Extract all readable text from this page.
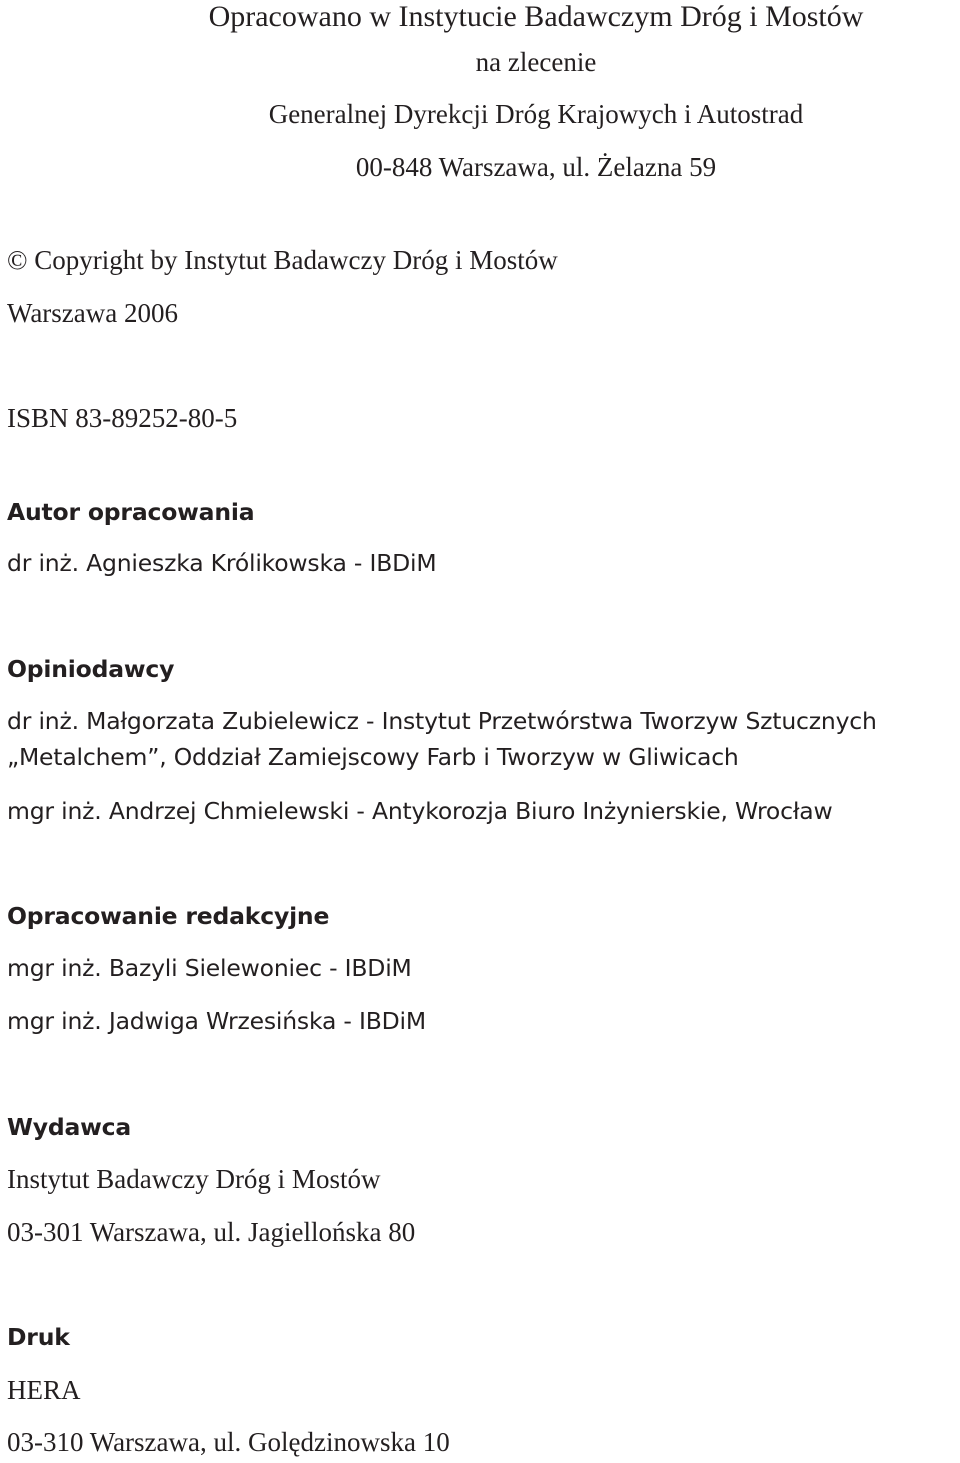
Opracowano w Instytucie Badawczym Dróg i Mostów

na zlecenie

Generalnej Dyrekcji Dróg Krajowych i Autostrad

00-848 Warszawa, ul. Żelazna 59

© Copyright by Instytut Badawczy Dróg i Mostów

Warszawa 2006

ISBN 83-89252-80-5

Autor opracowania

dr inż. Agnieszka Królikowska - IBDiM

Opiniodawcy

dr inż. Małgorzata Zubielewicz - Instytut Przetwórstwa Tworzyw Sztucznych

„Metalchem”, Oddział Zamiejscowy Farb i Tworzyw w Gliwicach

mgr inż. Andrzej Chmielewski - Antykorozja Biuro Inżynierskie, Wrocław

Opracowanie redakcyjne

mgr inż. Bazyli Sielewoniec - IBDiM

mgr inż. Jadwiga Wrzesińska - IBDiM

Wydawca

Instytut Badawczy Dróg i Mostów

03-301 Warszawa, ul. Jagiellońska 80

Druk

HERA

03-310 Warszawa, ul. Golędzinowska 10
